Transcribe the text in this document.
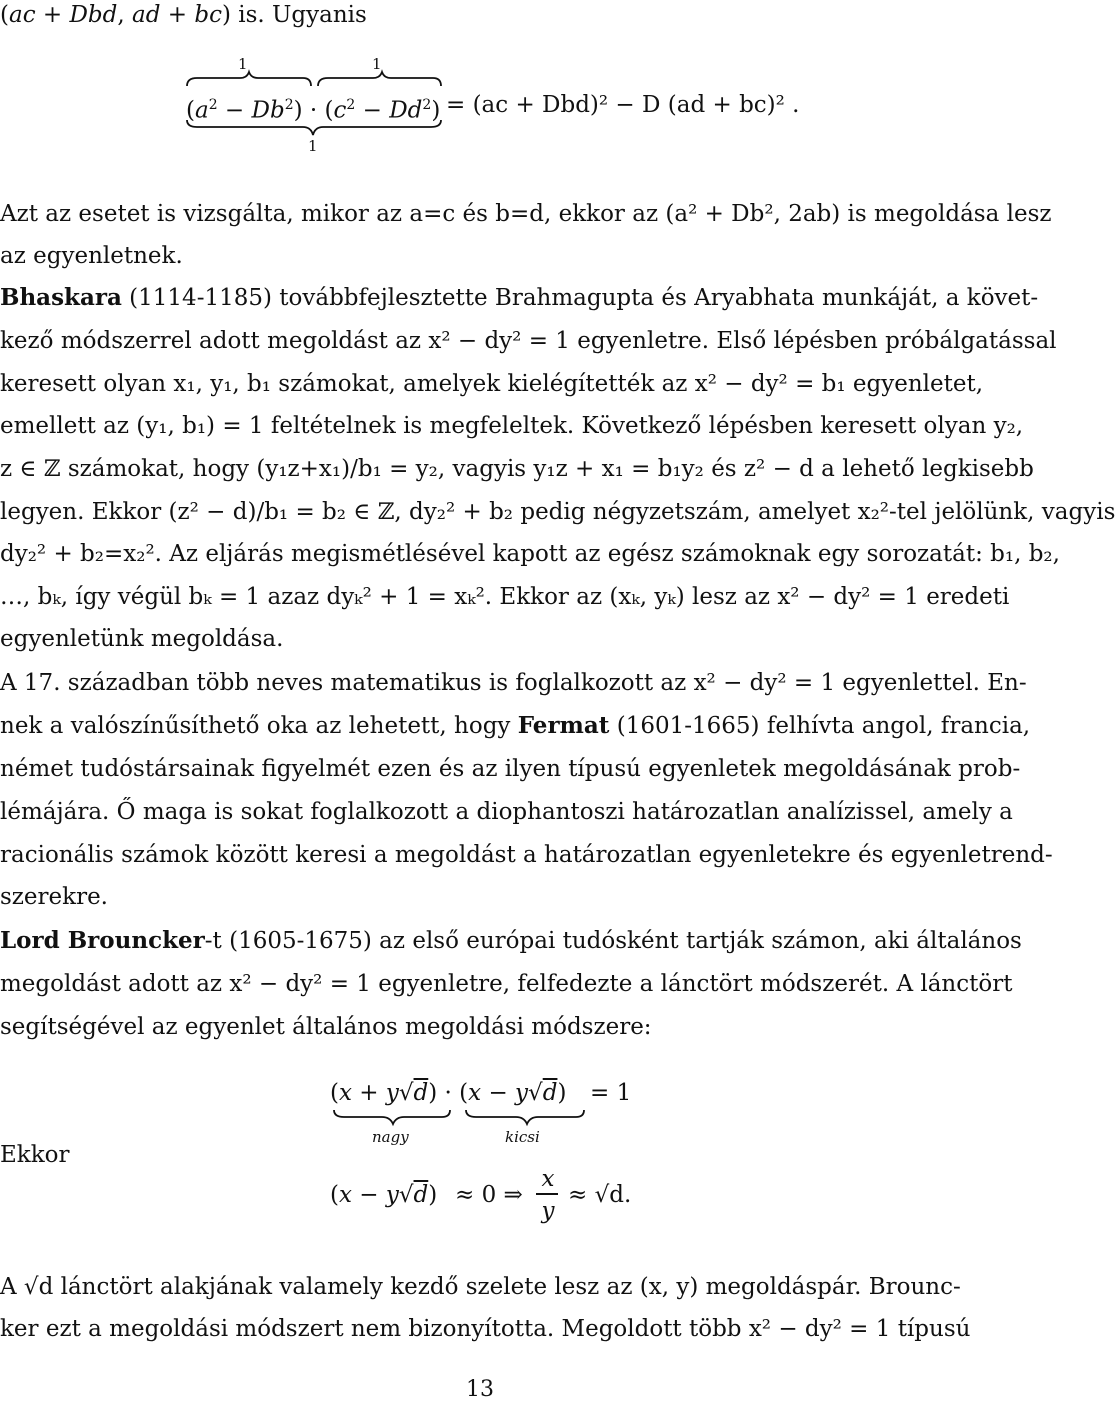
(ac + Dbd, ad + bc) is. Ugyanis
1	1
$(a^2 - Db^2) \cdot (c^2 - Dd^2) = (ac + Dbd)^2 - D$ (ad + bc)² .
1
Azt az esetet is vizsgálta, mikor az a=c és b=d, ekkor az (a² + Db², 2ab) is megoldása lesz
az egyenletnek.
Bhaskara (1114-1185) továbbfejlesztette Brahmagupta és Aryabhata munkáját, a követ-
kező módszerrel adott megoldást az x² − dy² = 1 egyenletre. Első lépésben próbálgatással
keresett olyan x₁, y₁, b₁ számokat, amelyek kielégítették az x² − dy² = b₁ egyenletet,
emellett az (y₁, b₁) = 1 feltételnek is megfeleltek. Következő lépésben keresett olyan y₂,
z ∈ ℤ számokat, hogy (y₁z+x₁)/b₁ = y₂, vagyis y₁z + x₁ = b₁y₂ és z² − d a lehető legkisebb
legyen. Ekkor (z² − d)/b₁ = b₂ ∈ ℤ, dy₂² + b₂ pedig négyzetszám, amelyet x₂²-tel jelölünk, vagyis
dy₂² + b₂=x₂². Az eljárás megismétlésével kapott az egész számoknak egy sorozatát: b₁, b₂,
…, bₖ, így végül bₖ = 1 azaz dyₖ² + 1 = xₖ². Ekkor az (xₖ, yₖ) lesz az x² − dy² = 1 eredeti
egyenletünk megoldása.
A 17. században több neves matematikus is foglalkozott az x² − dy² = 1 egyenlettel. En-
nek a valószínűsíthető oka az lehetett, hogy Fermat (1601-1665) felhívta angol, francia,
német tudóstársainak figyelmét ezen és az ilyen típusú egyenletek megoldásának prob-
lémájára. Ő maga is sokat foglalkozott a diophantoszi határozatlan analízissel, amely a
racionális számok között keresi a megoldást a határozatlan egyenletekre és egyenletrend-
szerekre.
Lord Brouncker-t (1605-1675) az első európai tudósként tartják számon, aki általános
megoldást adott az x² − dy² = 1 egyenletre, felfedezte a lánctört módszerét. A lánctört
segítségével az egyenlet általános megoldási módszere:
(x + y√d) · (x − y√d) = 1
nagy	kicsi
Ekkor
(x − y√d) ≈ 0 ⇒
x
y
≈ √d.
A √d lánctört alakjának valamely kezdő szelete lesz az (x, y) megoldáspár. Brounc-
ker ezt a megoldási módszert nem bizonyította. Megoldott több x² − dy² = 1 típusú
13
